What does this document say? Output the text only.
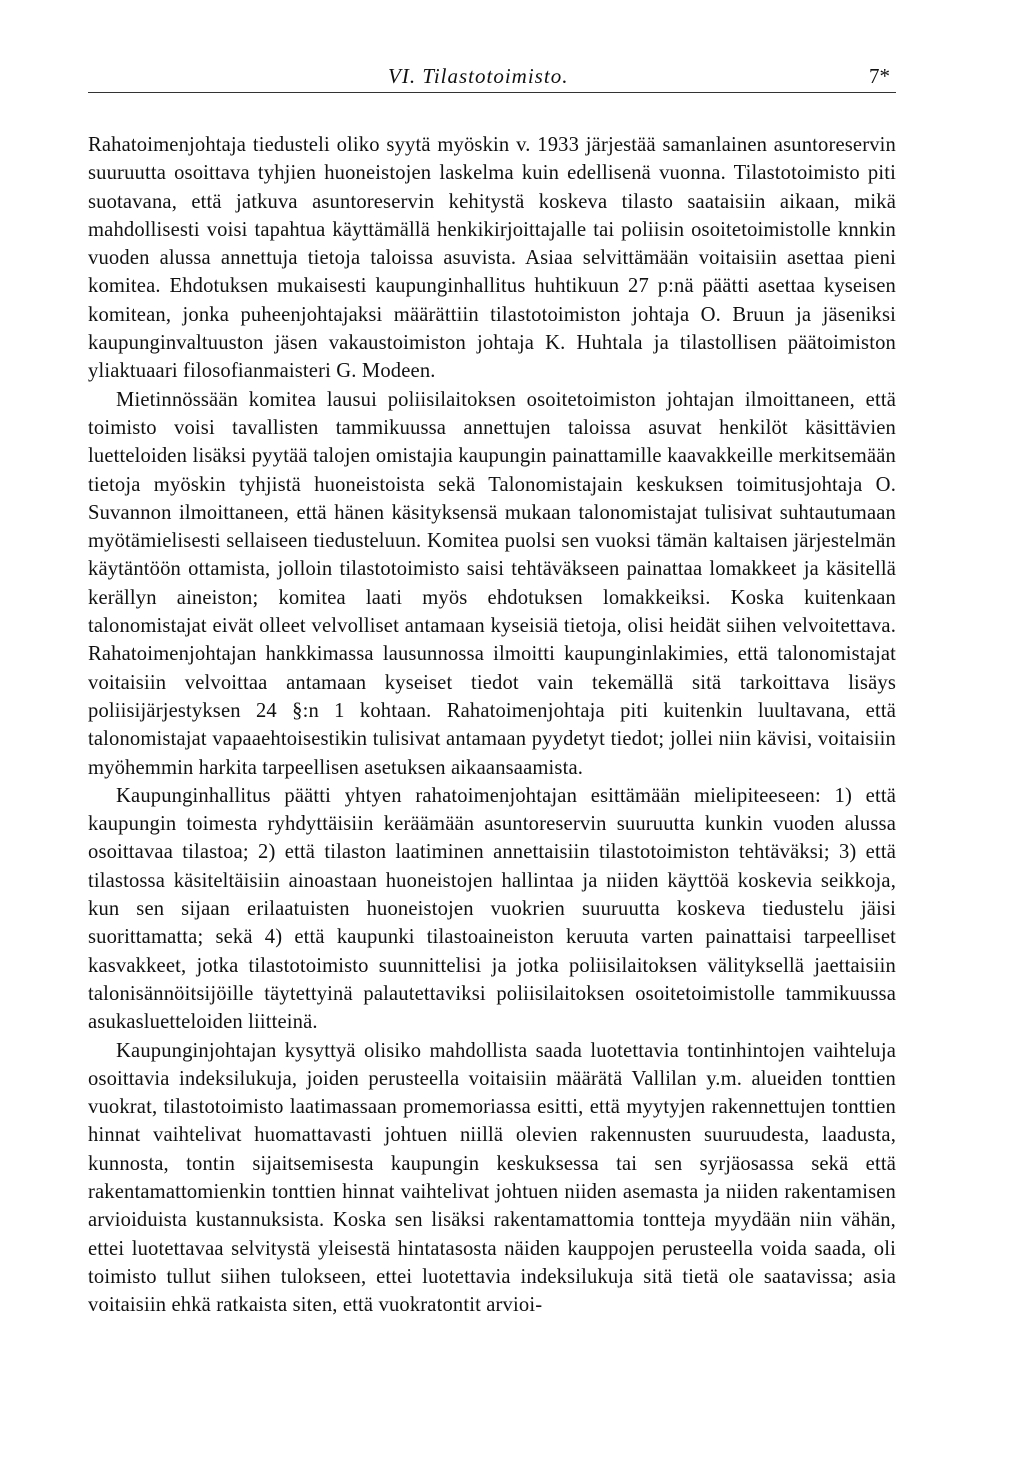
VI. Tilastotoimisto.	7*

Rahatoimenjohtaja tiedusteli oliko syytä myöskin v. 1933 järjestää samanlainen asuntoreservin suuruutta osoittava tyhjien huoneistojen laskelma kuin edellisenä vuonna. Tilastotoimisto piti suotavana, että jatkuva asuntoreservin kehitystä koskeva tilasto saataisiin aikaan, mikä mahdollisesti voisi tapahtua käyttämällä henkikirjoittajalle tai poliisin osoitetoimistolle knnkin vuoden alussa annettuja tietoja taloissa asuvista. Asiaa selvittämään voitaisiin asettaa pieni komitea. Ehdotuksen mukaisesti kaupunginhallitus huhtikuun 27 p:nä päätti asettaa kyseisen komitean, jonka puheenjohtajaksi määrättiin tilastotoimiston johtaja O. Bruun ja jäseniksi kaupunginvaltuuston jäsen vakaustoimiston johtaja K. Huhtala ja tilastollisen päätoimiston yliaktuaari filosofianmaisteri G. Modeen.

Mietinnössään komitea lausui poliisilaitoksen osoitetoimiston johtajan ilmoittaneen, että toimisto voisi tavallisten tammikuussa annettujen taloissa asuvat henkilöt käsittävien luetteloiden lisäksi pyytää talojen omistajia kaupungin painattamille kaavakkeille merkitsemään tietoja myöskin tyhjistä huoneistoista sekä Talonomistajain keskuksen toimitusjohtaja O. Suvannon ilmoittaneen, että hänen käsityksensä mukaan talonomistajat tulisivat suhtautumaan myötämielisesti sellaiseen tiedusteluun. Komitea puolsi sen vuoksi tämän kaltaisen järjestelmän käytäntöön ottamista, jolloin tilastotoimisto saisi tehtäväkseen painattaa lomakkeet ja käsitellä kerällyn aineiston; komitea laati myös ehdotuksen lomakkeiksi. Koska kuitenkaan talonomistajat eivät olleet velvolliset antamaan kyseisiä tietoja, olisi heidät siihen velvoitettava. Rahatoimenjohtajan hankkimassa lausunnossa ilmoitti kaupunginlakimies, että talonomistajat voitaisiin velvoittaa antamaan kyseiset tiedot vain tekemällä sitä tarkoittava lisäys poliisijärjestyksen 24 §:n 1 kohtaan. Rahatoimenjohtaja piti kuitenkin luultavana, että talonomistajat vapaaehtoisestikin tulisivat antamaan pyydetyt tiedot; jollei niin kävisi, voitaisiin myöhemmin harkita tarpeellisen asetuksen aikaansaamista.

Kaupunginhallitus päätti yhtyen rahatoimenjohtajan esittämään mielipiteeseen: 1) että kaupungin toimesta ryhdyttäisiin keräämään asuntoreservin suuruutta kunkin vuoden alussa osoittavaa tilastoa; 2) että tilaston laatiminen annettaisiin tilastotoimiston tehtäväksi; 3) että tilastossa käsiteltäisiin ainoastaan huoneistojen hallintaa ja niiden käyttöä koskevia seikkoja, kun sen sijaan erilaatuisten huoneistojen vuokrien suuruutta koskeva tiedustelu jäisi suorittamatta; sekä 4) että kaupunki tilastoaineiston keruuta varten painattaisi tarpeelliset kasvakkeet, jotka tilastotoimisto suunnittelisi ja jotka poliisilaitoksen välityksellä jaettaisiin talonisännöitsijöille täytettyinä palautettaviksi poliisilaitoksen osoitetoimistolle tammikuussa asukasluetteloiden liitteinä.

Kaupunginjohtajan kysyttyä olisiko mahdollista saada luotettavia tontinhintojen vaihteluja osoittavia indeksilukuja, joiden perusteella voitaisiin määrätä Vallilan y.m. alueiden tonttien vuokrat, tilastotoimisto laatimassaan promemoriassa esitti, että myytyjen rakennettujen tonttien hinnat vaihtelivat huomattavasti johtuen niillä olevien rakennusten suuruudesta, laadusta, kunnosta, tontin sijaitsemisesta kaupungin keskuksessa tai sen syrjäosassa sekä että rakentamattomienkin tonttien hinnat vaihtelivat johtuen niiden asemasta ja niiden rakentamisen arvioiduista kustannuksista. Koska sen lisäksi rakentamattomia tontteja myydään niin vähän, ettei luotettavaa selvitystä yleisestä hintatasosta näiden kauppojen perusteella voida saada, oli toimisto tullut siihen tulokseen, ettei luotettavia indeksilukuja sitä tietä ole saatavissa; asia voitaisiin ehkä ratkaista siten, että vuokratontit arvioi-
